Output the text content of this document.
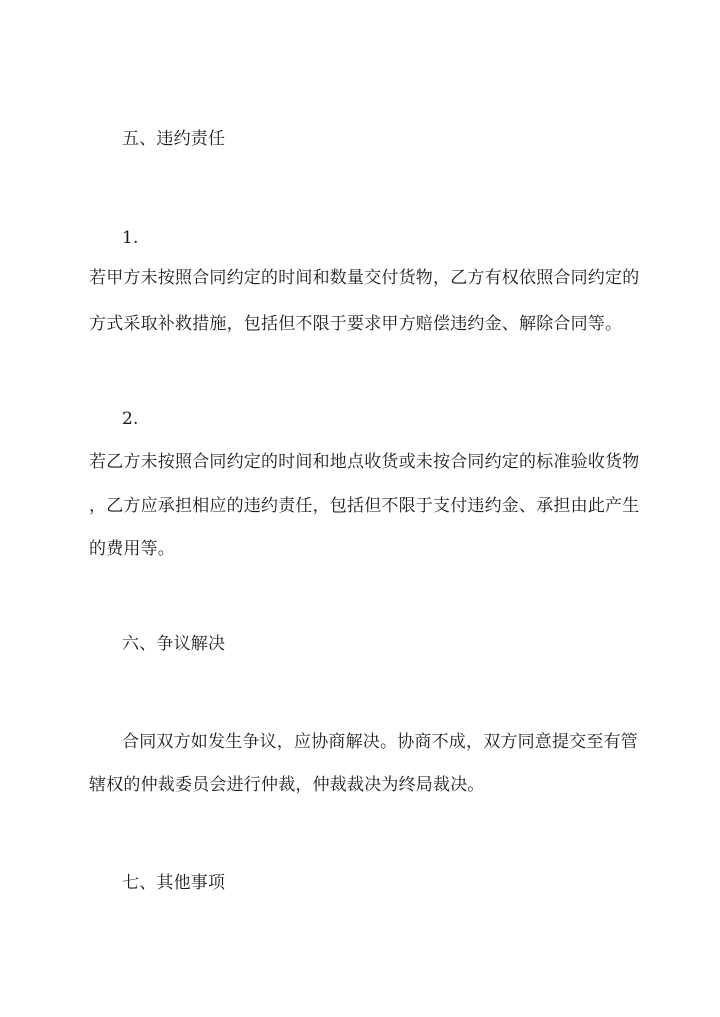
五、违约责任
1.
若甲方未按照合同约定的时间和数量交付货物，乙方有权依照合同约定的
方式采取补救措施，包括但不限于要求甲方赔偿违约金、解除合同等。
2.
若乙方未按照合同约定的时间和地点收货或未按合同约定的标准验收货物
，乙方应承担相应的违约责任，包括但不限于支付违约金、承担由此产生
的费用等。
六、争议解决
合同双方如发生争议，应协商解决。协商不成，双方同意提交至有管
辖权的仲裁委员会进行仲裁，仲裁裁决为终局裁决。
七、其他事项
